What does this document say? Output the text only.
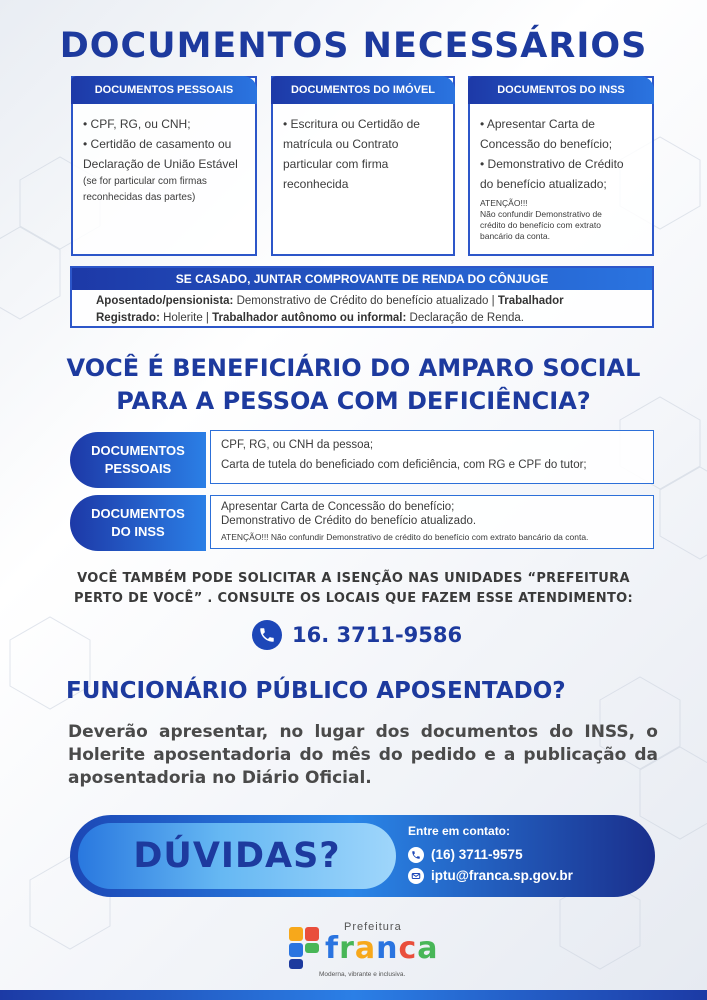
DOCUMENTOS NECESSÁRIOS
DOCUMENTOS PESSOAIS
• CPF, RG, ou CNH;
• Certidão de casamento ou
Declaração de União Estável
(se for particular com firmas reconhecidas das partes)
DOCUMENTOS DO IMÓVEL
• Escritura ou Certidão de
matrícula ou Contrato
particular com firma
reconhecida
DOCUMENTOS DO INSS
• Apresentar Carta de
Concessão do benefício;
• Demonstrativo de Crédito
do benefício atualizado;
ATENÇÃO!!!
Não confundir Demonstrativo de
crédito do benefício com extrato
bancário da conta.
SE CASADO, JUNTAR COMPROVANTE DE RENDA DO CÔNJUGE
Aposentado/pensionista: Demonstrativo de Crédito do benefício atualizado | Trabalhador
Registrado: Holerite | Trabalhador autônomo ou informal: Declaração de Renda.
VOCÊ É BENEFICIÁRIO DO AMPARO SOCIAL
PARA A PESSOA COM DEFICIÊNCIA?
DOCUMENTOS
PESSOAIS
CPF, RG, ou CNH da pessoa;
Carta de tutela do beneficiado com deficiência, com RG e CPF do tutor;
DOCUMENTOS
DO INSS
Apresentar Carta de Concessão do benefício;
Demonstrativo de Crédito do benefício atualizado.
ATENÇÃO!!! Não confundir Demonstrativo de crédito do benefício com extrato bancário da conta.
VOCÊ TAMBÉM PODE SOLICITAR A ISENÇÃO NAS UNIDADES “PREFEITURA
PERTO DE VOCÊ” . CONSULTE OS LOCAIS QUE FAZEM ESSE ATENDIMENTO:
16. 3711-9586
FUNCIONÁRIO PÚBLICO APOSENTADO?
Deverão apresentar, no lugar dos documentos do INSS, o Holerite aposentadoria do mês do pedido e a publicação da aposentadoria no Diário Oficial.
DÚVIDAS?
Entre em contato:
(16) 3711-9575
iptu@franca.sp.gov.br
Prefeitura
franca
Moderna, vibrante e inclusiva.
